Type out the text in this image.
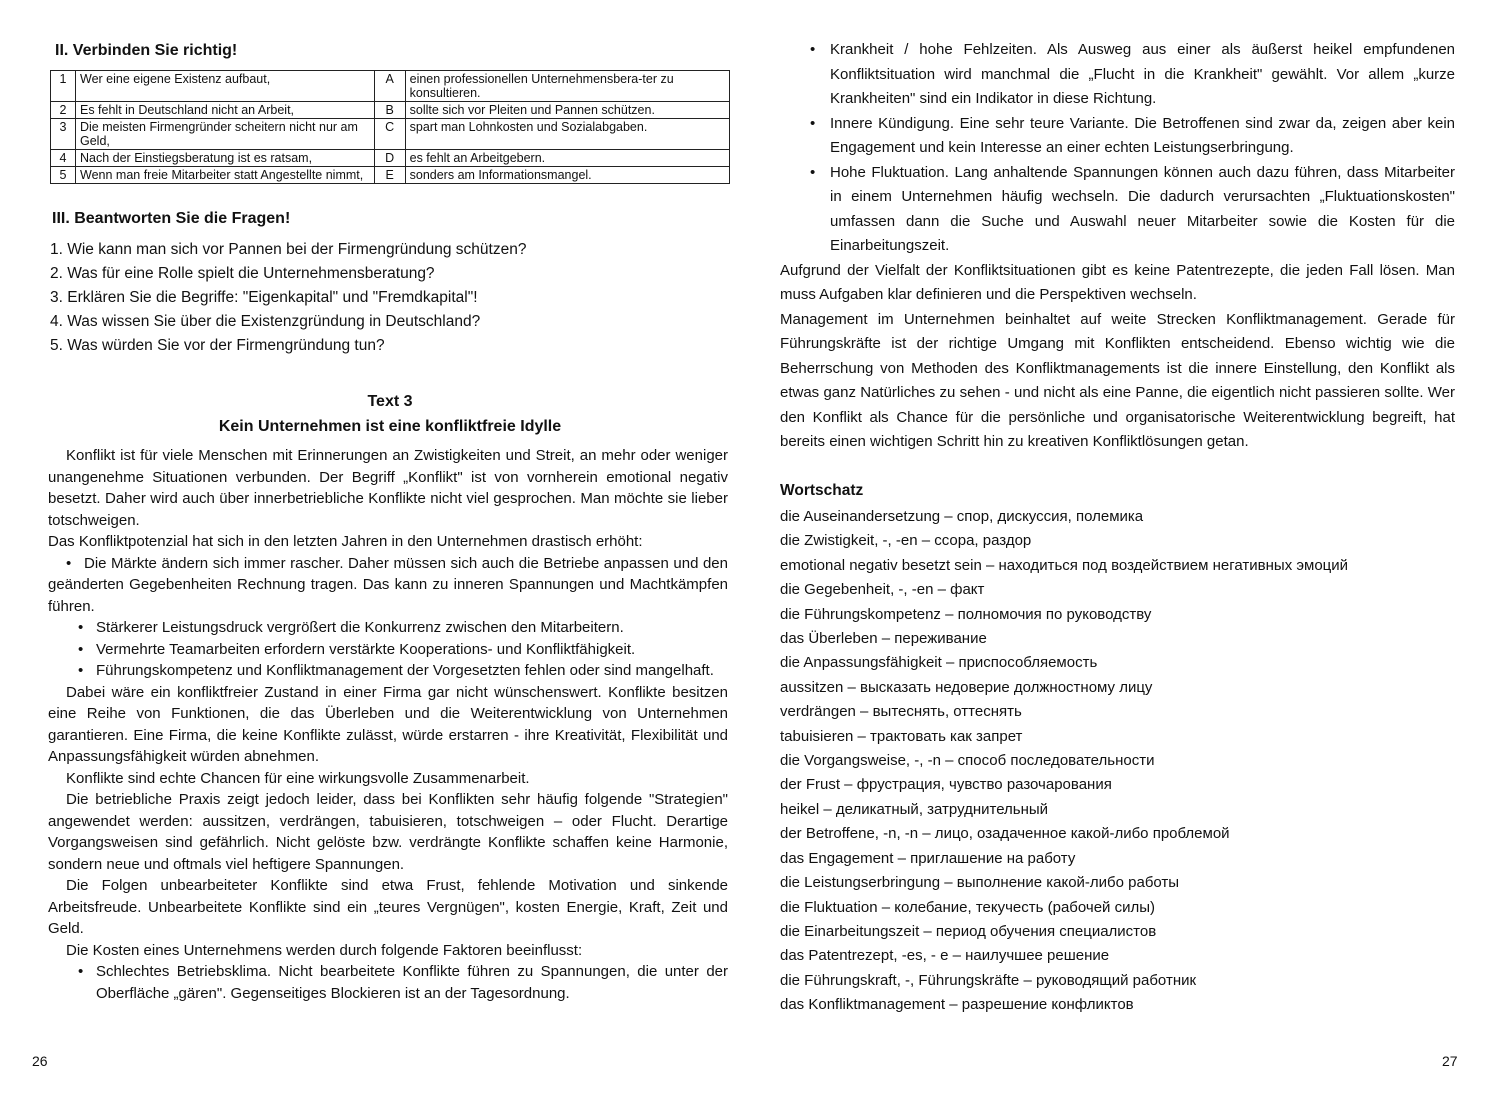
II. Verbinden Sie richtig!
1	Wer eine eigene Existenz aufbaut,	A	einen professionellen Unternehmensbera-ter zu konsultieren.
2	Es fehlt in Deutschland nicht an Arbeit,	B	sollte sich vor Pleiten und Pannen schützen.
3	Die meisten Firmengründer scheitern nicht nur am Geld,	C	spart man Lohnkosten und Sozialabgaben.
4	Nach der Einstiegsberatung ist es ratsam,	D	es fehlt an Arbeitgebern.
5	Wenn man freie Mitarbeiter statt Angestellte nimmt,	E	sonders am Informationsmangel.
III. Beantworten Sie die Fragen!
1. Wie kann man sich vor Pannen bei der Firmengründung schützen?
2. Was für eine Rolle spielt die Unternehmensberatung?
3. Erklären Sie die Begriffe: "Eigenkapital" und "Fremdkapital"!
4. Was wissen Sie über die Existenzgründung in Deutschland?
5. Was würden Sie vor der Firmengründung tun?
Text 3
Kein Unternehmen ist eine konfliktfreie Idylle

Konflikt ist für viele Menschen mit Erinnerungen an Zwistigkeiten und Streit, an mehr oder weniger unangenehme Situationen verbunden. Der Begriff „Konflikt" ist von vornherein emotional negativ besetzt. Daher wird auch über innerbetriebliche Konflikte nicht viel gesprochen. Man möchte sie lieber totschweigen.

Das Konfliktpotenzial hat sich in den letzten Jahren in den Unternehmen drastisch erhöht:

• Die Märkte ändern sich immer rascher. Daher müssen sich auch die Betriebe anpassen und den geänderten Gegebenheiten Rechnung tragen. Das kann zu inneren Spannungen und Machtkämpfen führen.

• Stärkerer Leistungsdruck vergrößert die Konkurrenz zwischen den Mitarbeitern.

• Vermehrte Teamarbeiten erfordern verstärkte Kooperations- und Konfliktfähigkeit.

• Führungskompetenz und Konfliktmanagement der Vorgesetzten fehlen oder sind mangelhaft.

Dabei wäre ein konfliktfreier Zustand in einer Firma gar nicht wünschenswert. Konflikte besitzen eine Reihe von Funktionen, die das Überleben und die Weiterentwicklung von Unternehmen garantieren. Eine Firma, die keine Konflikte zulässt, würde erstarren - ihre Kreativität, Flexibilität und Anpassungsfähigkeit würden abnehmen.

Konflikte sind echte Chancen für eine wirkungsvolle Zusammenarbeit.

Die betriebliche Praxis zeigt jedoch leider, dass bei Konflikten sehr häufig folgende "Strategien" angewendet werden: aussitzen, verdrängen, tabuisieren, totschweigen – oder Flucht. Derartige Vorgangsweisen sind gefährlich. Nicht gelöste bzw. verdrängte Konflikte schaffen keine Harmonie, sondern neue und oftmals viel heftigere Spannungen.

Die Folgen unbearbeiteter Konflikte sind etwa Frust, fehlende Motivation und sinkende Arbeitsfreude. Unbearbeitete Konflikte sind ein „teures Vergnügen", kosten Energie, Kraft, Zeit und Geld.

Die Kosten eines Unternehmens werden durch folgende Faktoren beeinflusst:

• Schlechtes Betriebsklima. Nicht bearbeitete Konflikte führen zu Spannungen, die unter der Oberfläche „gären". Gegenseitiges Blockieren ist an der Tagesordnung.

26

• Krankheit / hohe Fehlzeiten. Als Ausweg aus einer als äußerst heikel empfundenen Konfliktsituation wird manchmal die „Flucht in die Krankheit" gewählt. Vor allem „kurze Krankheiten" sind ein Indikator in diese Richtung.

• Innere Kündigung. Eine sehr teure Variante. Die Betroffenen sind zwar da, zeigen aber kein Engagement und kein Interesse an einer echten Leistungserbringung.

• Hohe Fluktuation. Lang anhaltende Spannungen können auch dazu führen, dass Mitarbeiter in einem Unternehmen häufig wechseln. Die dadurch verursachten „Fluktuationskosten" umfassen dann die Suche und Auswahl neuer Mitarbeiter sowie die Kosten für die Einarbeitungszeit.

Aufgrund der Vielfalt der Konfliktsituationen gibt es keine Patentrezepte, die jeden Fall lösen. Man muss Aufgaben klar definieren und die Perspektiven wechseln.

Management im Unternehmen beinhaltet auf weite Strecken Konfliktmanagement. Gerade für Führungskräfte ist der richtige Umgang mit Konflikten entscheidend. Ebenso wichtig wie die Beherrschung von Methoden des Konfliktmanagements ist die innere Einstellung, den Konflikt als etwas ganz Natürliches zu sehen - und nicht als eine Panne, die eigentlich nicht passieren sollte. Wer den Konflikt als Chance für die persönliche und organisatorische Weiterentwicklung begreift, hat bereits einen wichtigen Schritt hin zu kreativen Konfliktlösungen getan.

Wortschatz
die Auseinandersetzung – спор, дискуссия, полемика
die Zwistigkeit, -, -en – ссора, раздор
emotional negativ besetzt sein – находиться под воздействием негативных эмоций
die Gegebenheit, -, -en – факт
die Führungskompetenz – полномочия по руководству
das Überleben – переживание
die Anpassungsfähigkeit – приспособляемость
aussitzen – высказать недоверие должностному лицу
verdrängen – вытеснять, оттеснять
tabuisieren – трактовать как запрет
die Vorgangsweise, -, -n – способ последовательности
der Frust – фрустрация, чувство разочарования
heikel – деликатный, затруднительный
der Betroffene, -n, -n – лицо, озадаченное какой-либо проблемой
das Engagement – приглашение на работу
die Leistungserbringung – выполнение какой-либо работы
die Fluktuation – колебание, текучесть (рабочей силы)
die Einarbeitungszeit – период обучения специалистов
das Patentrezept, -es, - e – наилучшее решение
die Führungskraft, -, Führungskräfte – руководящий работник
das Konfliktmanagement – разрешение конфликтов
27
